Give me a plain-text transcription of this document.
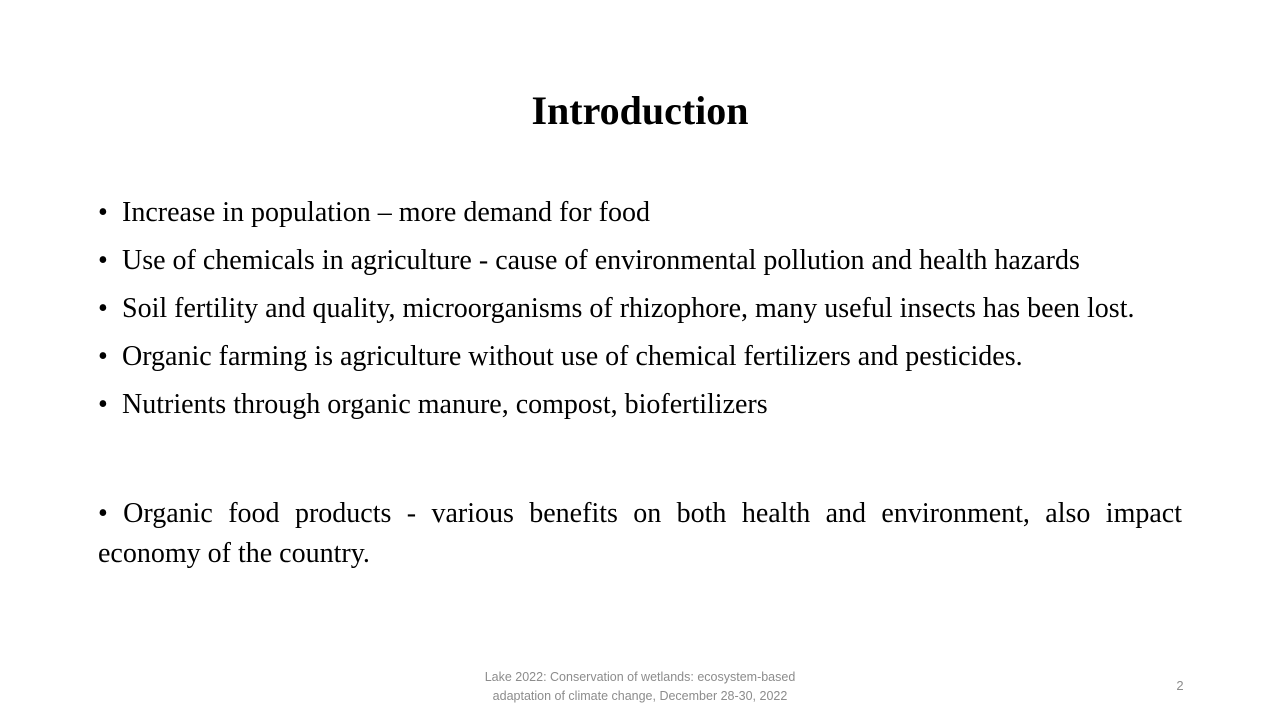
Introduction
• Increase in population – more demand for food
• Use of chemicals in agriculture - cause of environmental pollution and health hazards
• Soil fertility and quality, microorganisms of rhizophore, many useful insects has been lost.
• Organic farming is agriculture without use of chemical fertilizers and pesticides.
• Nutrients through organic manure, compost, biofertilizers

• Organic food products - various benefits on both health and environment, also impact economy of the country.

Lake 2022: Conservation of wetlands: ecosystem-based
adaptation of climate change, December 28-30, 2022
2
